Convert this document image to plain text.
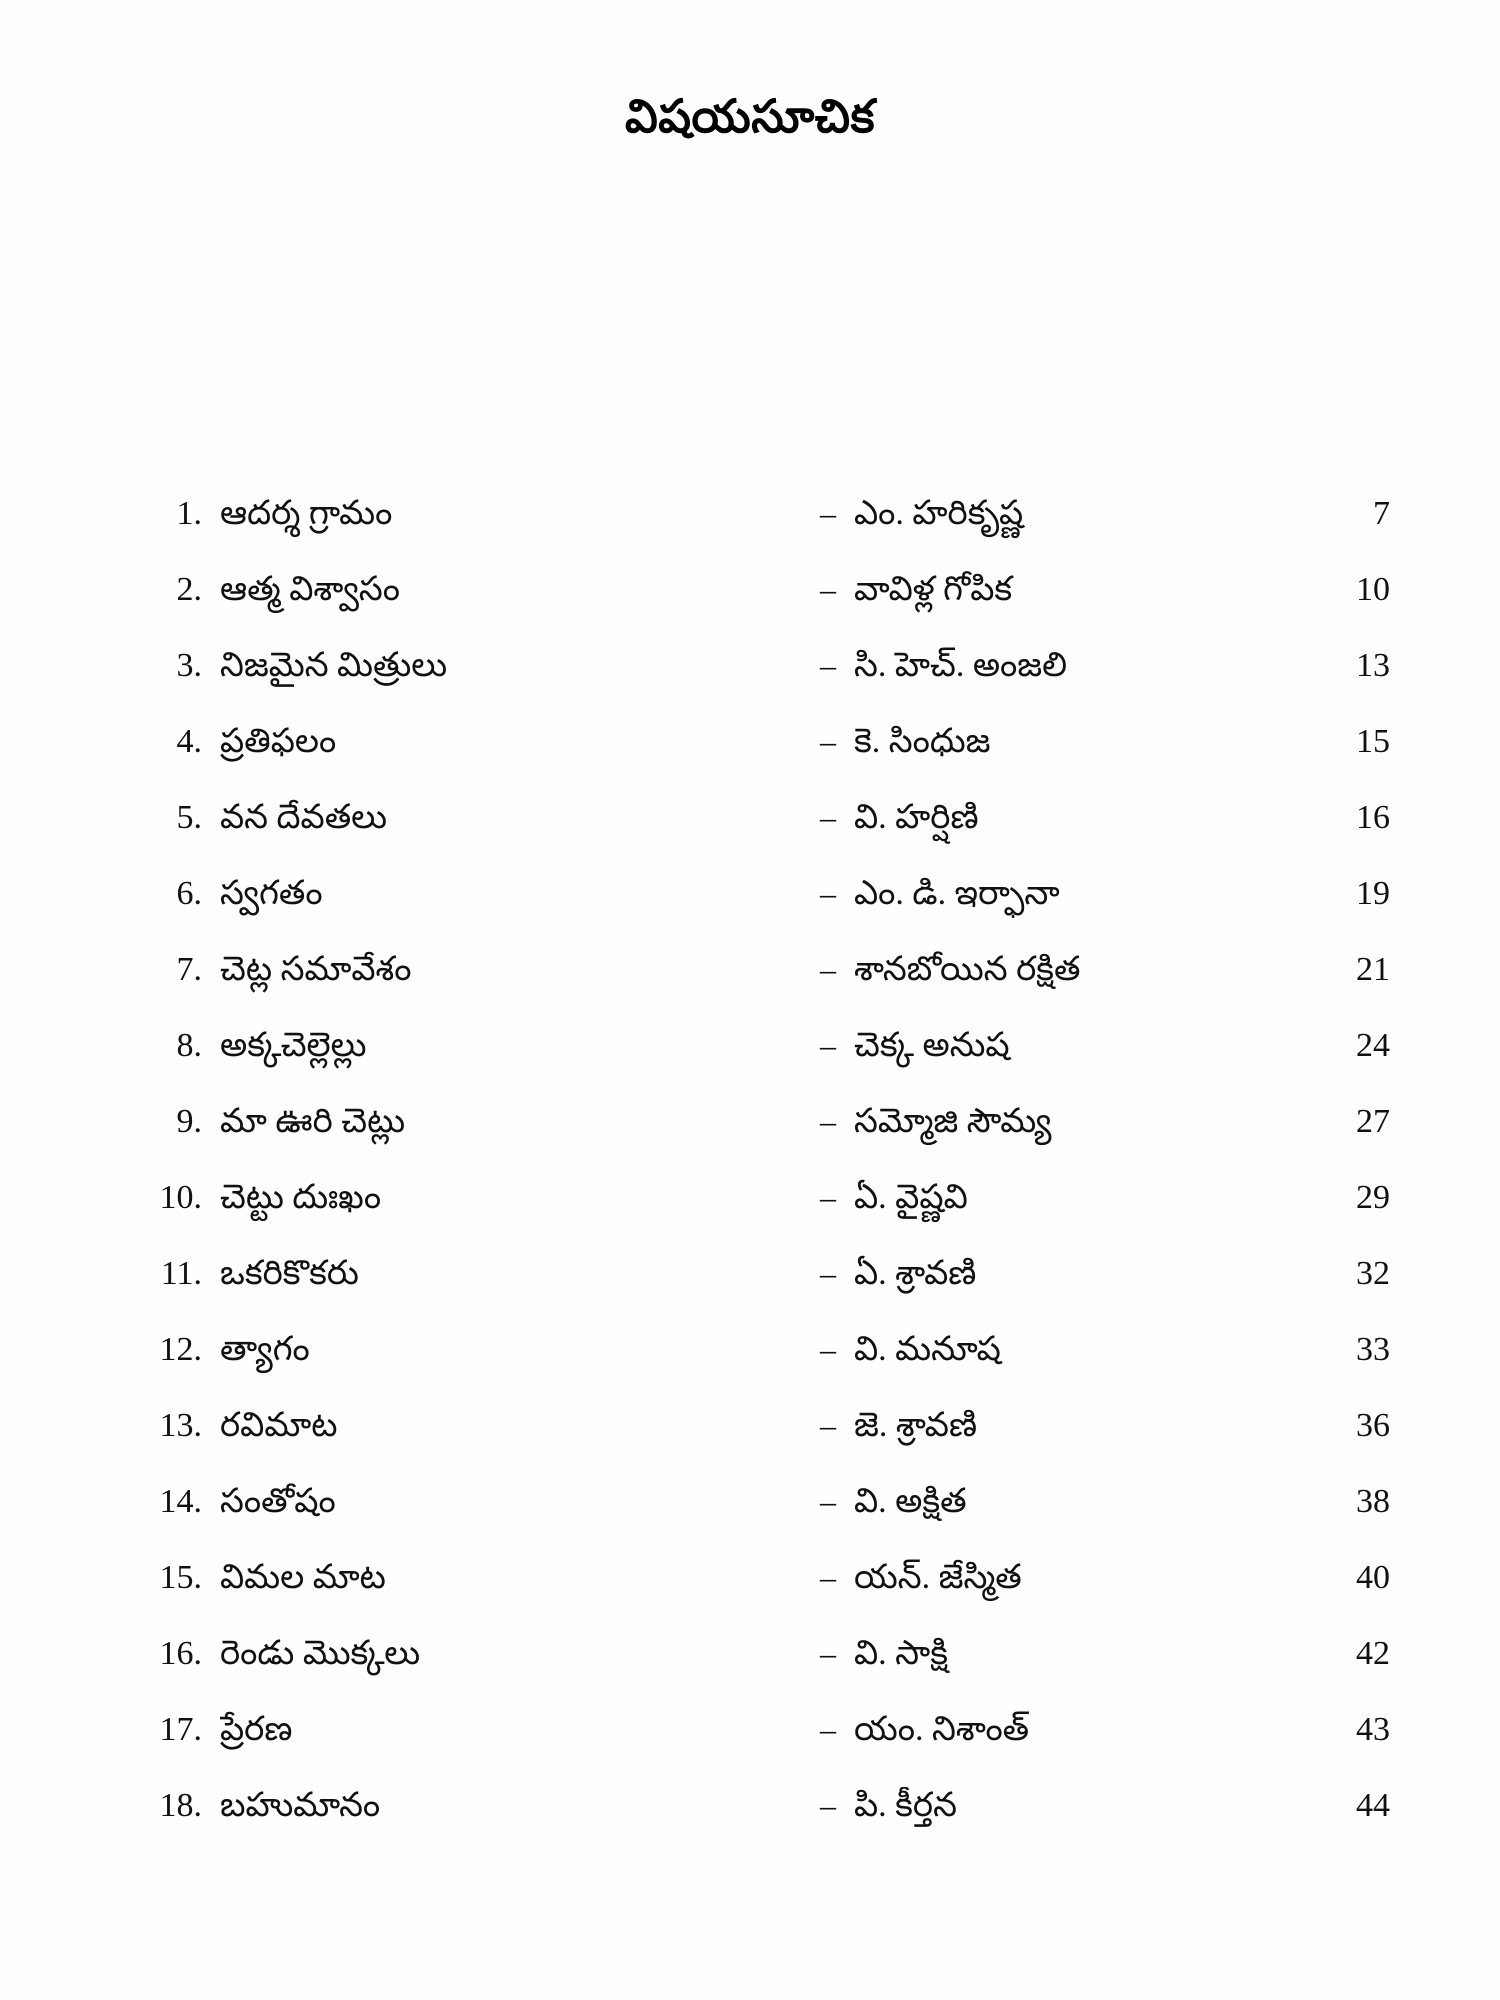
విషయసూచిక
1. ఆదర్శ గ్రామం	– ఎం. హరికృష్ణ	7
2. ఆత్మ విశ్వాసం	– వావిళ్ల గోపిక	10
3. నిజమైన మిత్రులు	– సి. హెచ్. అంజలి	13
4. ప్రతిఫలం	– కె. సింధుజ	15
5. వన దేవతలు	– వి. హర్షిణి	16
6. స్వగతం	– ఎం. డి. ఇర్ఫానా	19
7. చెట్ల సమావేశం	– శానబోయిన రక్షిత	21
8. అక్కచెల్లెల్లు	– చెక్క అనుష	24
9. మా ఊరి చెట్లు	– సమ్మోజి సౌమ్య	27
10. చెట్టు దుఃఖం	– ఏ. వైష్ణవి	29
11. ఒకరికొకరు	– ఏ. శ్రావణి	32
12. త్యాగం	– వి. మనూష	33
13. రవిమాట	– జె. శ్రావణి	36
14. సంతోషం	– వి. అక్షిత	38
15. విమల మాట	– యన్. జేస్మిత	40
16. రెండు మొక్కలు	– వి. సాక్షి	42
17. ప్రేరణ	– యం. నిశాంత్	43
18. బహుమానం	– పి. కీర్తన	44
